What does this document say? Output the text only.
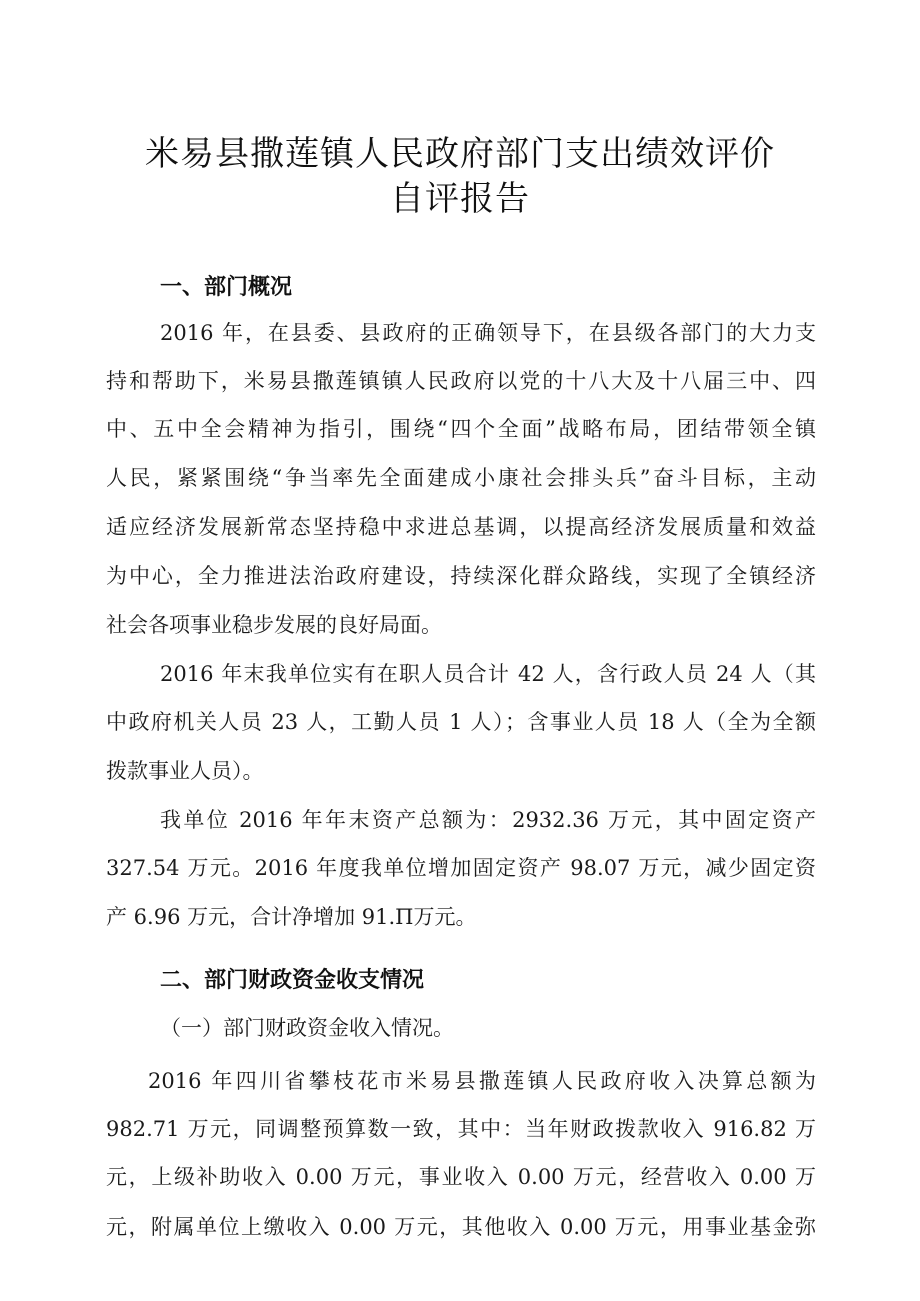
米易县撒莲镇人民政府部门支出绩效评价
自评报告
一、部门概况

2016 年，在县委、县政府的正确领导下，在县级各部门的大力支

持和帮助下，米易县撒莲镇镇人民政府以党的十八大及十八届三中、四

中、五中全会精神为指引，围绕“四个全面”战略布局，团结带领全镇

人民，紧紧围绕“争当率先全面建成小康社会排头兵”奋斗目标，主动

适应经济发展新常态坚持稳中求进总基调，以提高经济发展质量和效益

为中心，全力推进法治政府建设，持续深化群众路线，实现了全镇经济

社会各项事业稳步发展的良好局面。

2016 年末我单位实有在职人员合计 42 人，含行政人员 24 人（其

中政府机关人员 23 人，工勤人员 1 人）；含事业人员 18 人（全为全额

拨款事业人员）。

我单位 2016 年年末资产总额为：2932.36 万元，其中固定资产

327.54 万元。2016 年度我单位增加固定资产 98.07 万元，减少固定资

产 6.96 万元，合计净增加 91.Π万元。

二、部门财政资金收支情况

（一）部门财政资金收入情况。

2016 年四川省攀枝花市米易县撒莲镇人民政府收入决算总额为

982.71 万元，同调整预算数一致，其中：当年财政拨款收入 916.82 万

元，上级补助收入 0.00 万元，事业收入 0.00 万元，经营收入 0.00 万

元，附属单位上缴收入 0.00 万元，其他收入 0.00 万元，用事业基金弥
